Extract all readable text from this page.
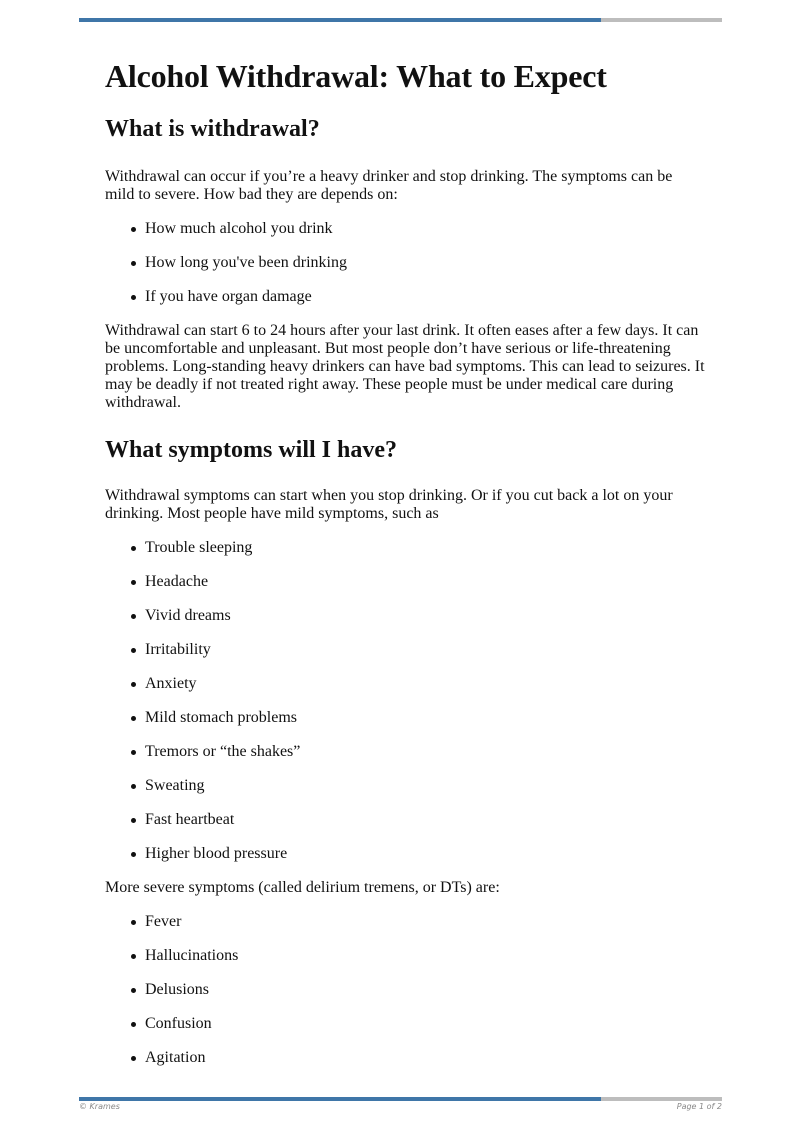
Alcohol Withdrawal: What to Expect
What is withdrawal?

Withdrawal can occur if you’re a heavy drinker and stop drinking. The symptoms can be mild to severe. How bad they are depends on:

How much alcohol you drink
How long you've been drinking
If you have organ damage

Withdrawal can start 6 to 24 hours after your last drink. It often eases after a few days. It can be uncomfortable and unpleasant. But most people don’t have serious or life-threatening problems. Long-standing heavy drinkers can have bad symptoms. This can lead to seizures. It may be deadly if not treated right away. These people must be under medical care during withdrawal.

What symptoms will I have?

Withdrawal symptoms can start when you stop drinking. Or if you cut back a lot on your drinking. Most people have mild symptoms, such as

Trouble sleeping
Headache
Vivid dreams
Irritability
Anxiety
Mild stomach problems
Tremors or “the shakes”
Sweating
Fast heartbeat
Higher blood pressure

More severe symptoms (called delirium tremens, or DTs) are:

Fever
Hallucinations
Delusions
Confusion
Agitation
© Krames	Page 1 of 2
